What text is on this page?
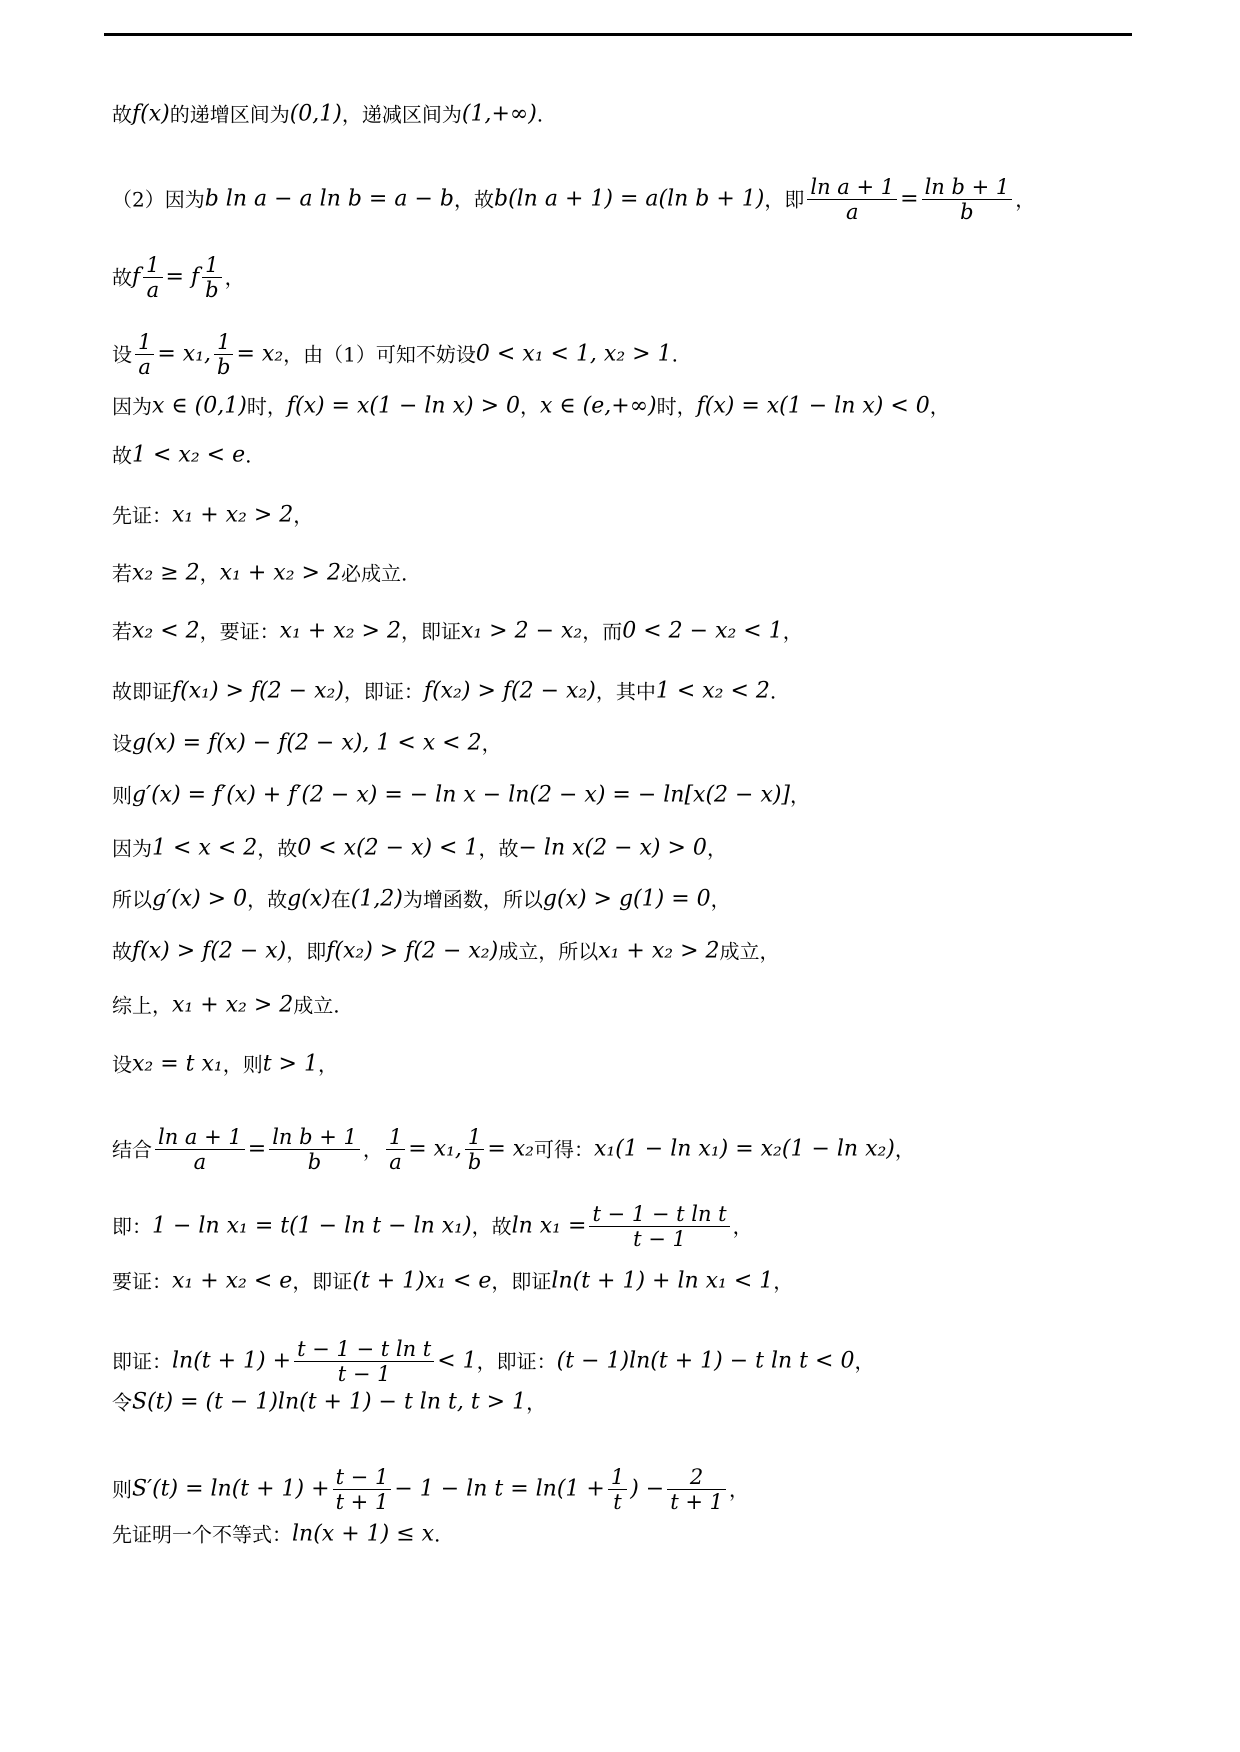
故f(x)的递增区间为(0,1)，递减区间为(1,+∞).
（2）因为b ln a − a ln b = a − b，故b(ln a + 1) = a(ln b + 1)，即 $\frac{\text{ln a + 1}}{a} = \frac{\text{ln b + 1}}{b}$ ，
故f $\frac{1}{a} = f \frac{1}{b}$ ，
设 $\frac{1}{a} = x_1$, $\frac{1}{b} = x_2$，由（1）可知不妨设0 < x₁ < 1, x₂ > 1.
因为x ∈ (0,1)时，f(x) = x(1 − ln x) > 0，x ∈ (e,+∞)时，f(x) = x(1 − ln x) < 0，
故1 < x₂ < e.
先证：x₁ + x₂ > 2，
若x₂ ≥ 2，x₁ + x₂ > 2必成立.
若x₂ < 2，要证：x₁ + x₂ > 2，即证x₁ > 2 − x₂，而0 < 2 − x₂ < 1，
故即证f(x₁) > f(2 − x₂)，即证：f(x₂) > f(2 − x₂)，其中1 < x₂ < 2.
设g(x) = f(x) − f(2 − x), 1 < x < 2，
则g′(x) = f′(x) + f′(2 − x) = − ln x − ln(2 − x) = − ln[x(2 − x)]，
因为1 < x < 2，故0 < x(2 − x) < 1，故− ln x(2 − x) > 0，
所以g′(x) > 0，故g(x)在(1,2)为增函数，所以g(x) > g(1) = 0，
故f(x) > f(2 − x)，即f(x₂) > f(2 − x₂)成立，所以x₁ + x₂ > 2成立，
综上，x₁ + x₂ > 2成立.
设x₂ = t x₁，则t > 1，
结合 $\frac{\text{ln a + 1}}{a} = \frac{\text{ln b + 1}}{b}$ ， $\frac{1}{a} = x_1$, $\frac{1}{b} = x_2$可得：x₁(1 − ln x₁) = x₂(1 − ln x₂)，
即：1 − ln x₁ = t(1 − ln t − ln x₁)，故$\ln x_1 = \frac{\text{t − 1 − t ln t}}{t - 1}$ ，
要证：x₁ + x₂ < e，即证(t + 1)x₁ < e，即证ln(t + 1) + ln x₁ < 1，
即证：$\ln(t + 1) + \frac{\text{t − 1 − t ln t}}{t - 1} < 1$，即证：(t − 1)ln(t + 1) − t ln t < 0，
令S(t) = (t − 1)ln(t + 1) − t ln t, t > 1，
则$S'(t) = \ln(t + 1) + \frac{t - 1}{t + 1} - 1 - \ln t = \ln(1 + \frac{1}{t}$ ) − $\frac{2}{t + 1}$ ，
先证明一个不等式：ln(x + 1) ≤ x.
